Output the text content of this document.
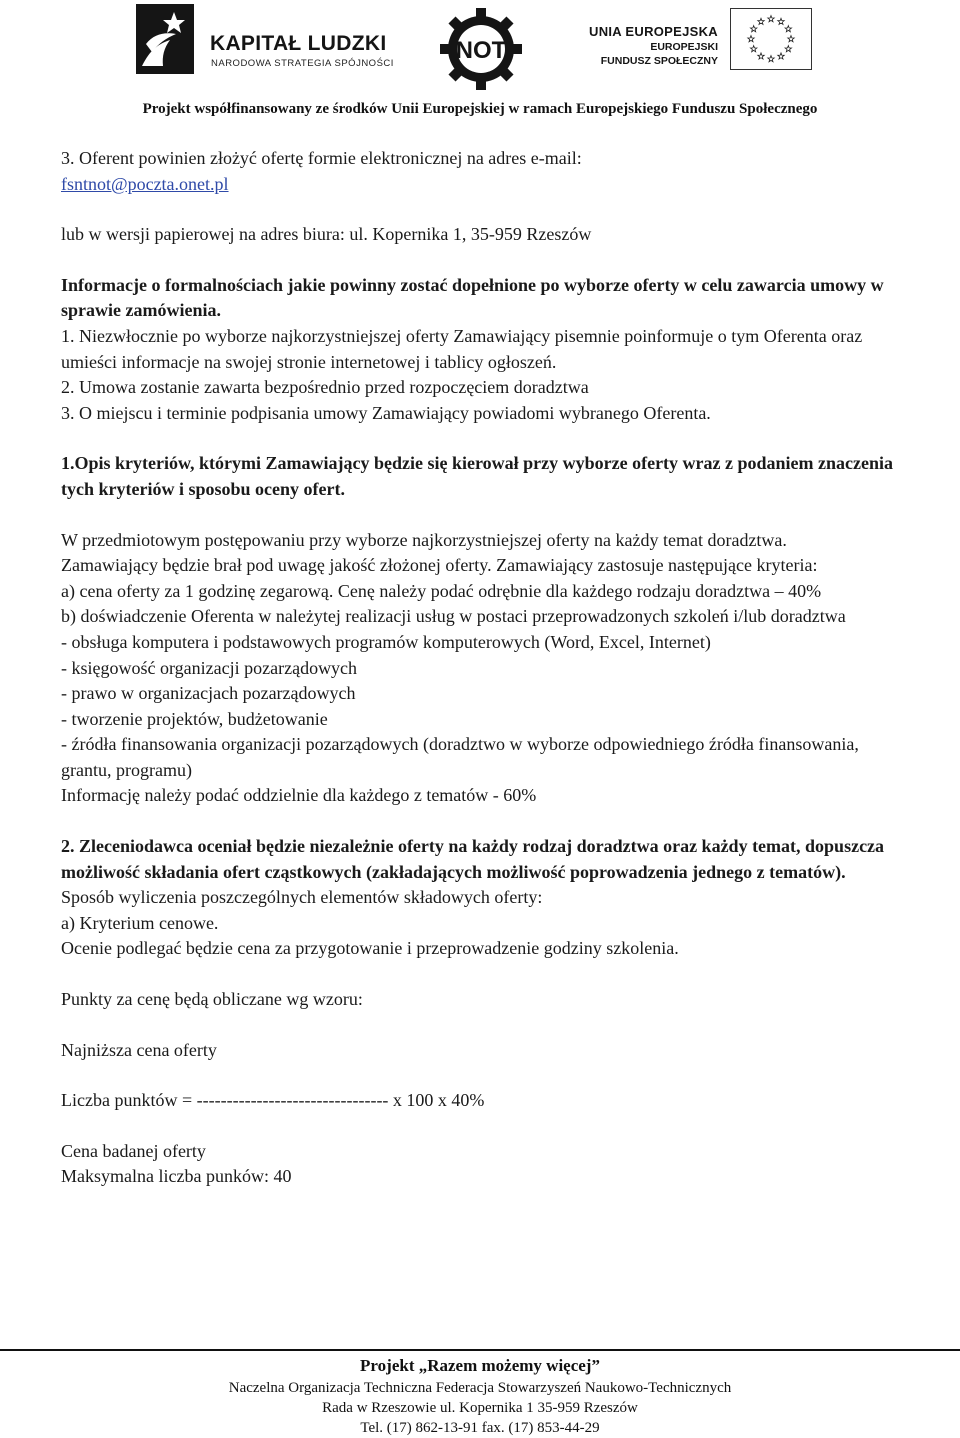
KAPITAŁ LUDZKI
NARODOWA STRATEGIA SPÓJNOŚCI	NOT
UNIA EUROPEJSKA
EUROPEJSKI
FUNDUSZ SPOŁECZNY
Projekt współfinansowany ze środków Unii Europejskiej w ramach Europejskiego Funduszu Społecznego

3. Oferent powinien złożyć ofertę formie elektronicznej na adres e-mail:

fsntnot@poczta.onet.pl

lub w wersji papierowej na adres biura: ul. Kopernika 1, 35-959 Rzeszów

Informacje o formalnościach jakie powinny zostać dopełnione po wyborze oferty w celu zawarcia umowy w sprawie zamówienia.

1. Niezwłocznie po wyborze najkorzystniejszej oferty Zamawiający pisemnie poinformuje o tym Oferenta oraz umieści informacje na swojej stronie internetowej i tablicy ogłoszeń.

2. Umowa zostanie zawarta bezpośrednio przed rozpoczęciem doradztwa

3. O miejscu i terminie podpisania umowy Zamawiający powiadomi wybranego Oferenta.

1.Opis kryteriów, którymi Zamawiający będzie się kierował przy wyborze oferty wraz z podaniem znaczenia tych kryteriów i sposobu oceny ofert.

W przedmiotowym postępowaniu przy wyborze najkorzystniejszej oferty na każdy temat doradztwa.

Zamawiający będzie brał pod uwagę jakość złożonej oferty. Zamawiający zastosuje następujące kryteria:

a) cena oferty za 1 godzinę zegarową. Cenę należy podać odrębnie dla każdego rodzaju doradztwa – 40%

b) doświadczenie Oferenta w należytej realizacji usług w postaci przeprowadzonych szkoleń i/lub doradztwa

- obsługa komputera i podstawowych programów komputerowych (Word, Excel, Internet)

- księgowość organizacji pozarządowych

- prawo w organizacjach pozarządowych

- tworzenie projektów, budżetowanie

- źródła finansowania organizacji pozarządowych (doradztwo w wyborze odpowiedniego źródła finansowania, grantu, programu)

Informację należy podać oddzielnie dla każdego z tematów - 60%

2. Zleceniodawca oceniał będzie niezależnie oferty na każdy rodzaj doradztwa oraz każdy temat, dopuszcza możliwość składania ofert cząstkowych (zakładających możliwość poprowadzenia jednego z tematów).

Sposób wyliczenia poszczególnych elementów składowych oferty:

a) Kryterium cenowe.

Ocenie podlegać będzie cena za przygotowanie i przeprowadzenie godziny szkolenia.

Punkty za cenę będą obliczane wg wzoru:

Najniższa cena oferty

Liczba punktów = -------------------------------- x 100 x 40%

Cena badanej oferty

Maksymalna liczba punków: 40

Projekt „Razem możemy więcej”
Naczelna Organizacja Techniczna Federacja Stowarzyszeń Naukowo-Technicznych
Rada w Rzeszowie ul. Kopernika 1 35-959 Rzeszów
Tel. (17) 862-13-91 fax. (17) 853-44-29
